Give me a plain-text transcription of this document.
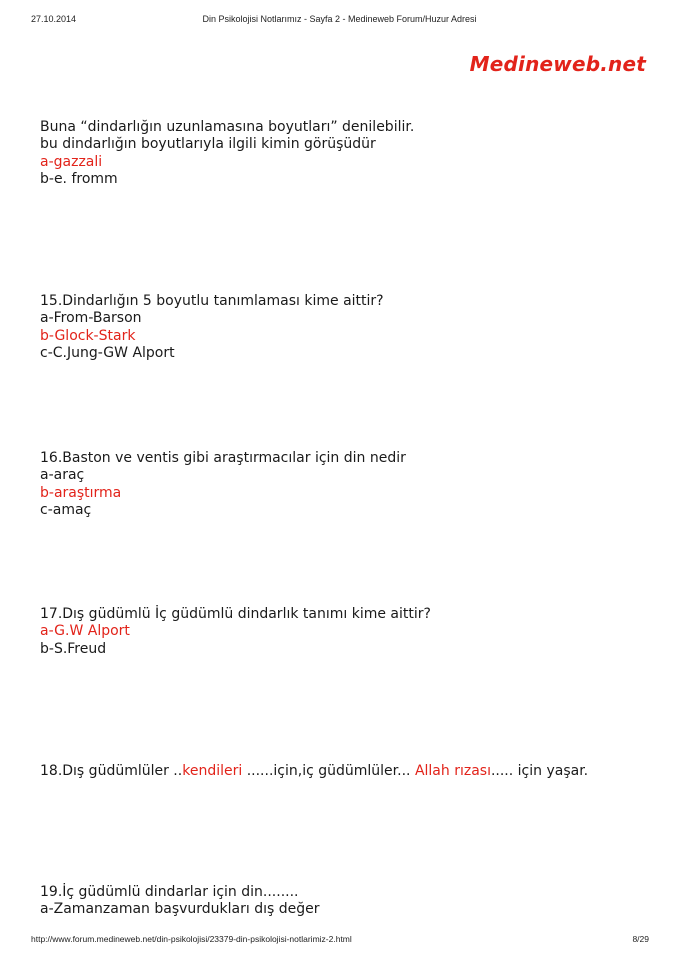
27.10.2014	Din Psikolojisi Notlarımız - Sayfa 2 - Medineweb Forum/Huzur Adresi
Medineweb.net
Buna “dindarlığın uzunlamasına boyutları” denilebilir.
bu dindarlığın boyutlarıyla ilgili kimin görüşüdür
a-gazzali
b-e. fromm
15.Dindarlığın 5 boyutlu tanımlaması kime aittir?
a-From-Barson
b-Glock-Stark
c-C.Jung-GW Alport
16.Baston ve ventis gibi araştırmacılar için din nedir
a-araç
b-araştırma
c-amaç
17.Dış güdümlü İç güdümlü dindarlık tanımı kime aittir?
a-G.W Alport
b-S.Freud
18.Dış güdümlüler ..kendileri ......için,iç güdümlüler... Allah rızası..... için yaşar.
19.İç güdümlü dindarlar için din........
a-Zamanzaman başvurdukları dış değer
http://www.forum.medineweb.net/din-psikolojisi/23379-din-psikolojisi-notlarimiz-2.html	8/29
